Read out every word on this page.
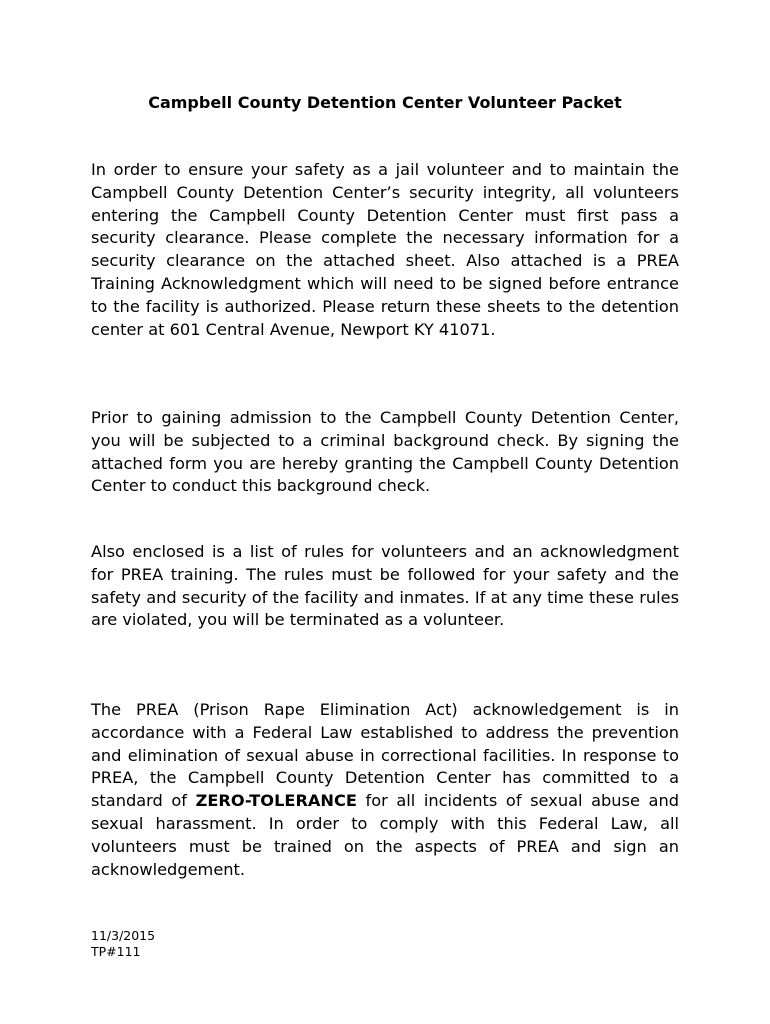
Campbell County Detention Center Volunteer Packet

In order to ensure your safety as a jail volunteer and to maintain the Campbell County Detention Center’s security integrity, all volunteers entering the Campbell County Detention Center must first pass a security clearance. Please complete the necessary information for a security clearance on the attached sheet. Also attached is a PREA Training Acknowledgment which will need to be signed before entrance to the facility is authorized. Please return these sheets to the detention center at 601 Central Avenue, Newport KY 41071.

Prior to gaining admission to the Campbell County Detention Center, you will be subjected to a criminal background check. By signing the attached form you are hereby granting the Campbell County Detention Center to conduct this background check.

Also enclosed is a list of rules for volunteers and an acknowledgment for PREA training. The rules must be followed for your safety and the safety and security of the facility and inmates. If at any time these rules are violated, you will be terminated as a volunteer.

The PREA (Prison Rape Elimination Act) acknowledgement is in accordance with a Federal Law established to address the prevention and elimination of sexual abuse in correctional facilities. In response to PREA, the Campbell County Detention Center has committed to a standard of ZERO-TOLERANCE for all incidents of sexual abuse and sexual harassment. In order to comply with this Federal Law, all volunteers must be trained on the aspects of PREA and sign an acknowledgement.

11/3/2015
TP#111
